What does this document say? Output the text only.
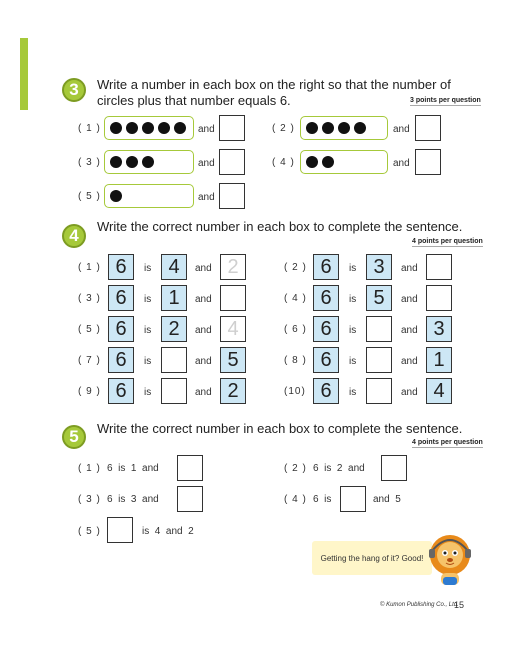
3	Write a number in each box on the right so that the number of
circles plus that number equals 6.	3 points per question
( 1 )	and	( 2 )	and
( 3 )	and	( 4 )	and
( 5 )	and
4	Write the correct number in each box to complete the sentence.
4 points per question
( 1 ) 6	is 4	and 2
( 3 ) 6	is 1	and
( 5 ) 6	is 2	and 4
( 7 ) 6	is	and 5
( 9 ) 6	is	and 2
( 2 ) 6	is 3	and
( 4 ) 6	is 5	and
( 6 ) 6	is	and 3
( 8 ) 6	is	and 1
(10) 6	is	and 4
5	Write the correct number in each box to complete the sentence.
4 points per question
( 1 ) 6  is  1  and	( 2 ) 6  is  2  and
( 3 ) 6  is  3  and	( 4 ) 6  is	and  5
( 5 )	is  4  and  2
Getting the hang of it? Good!
© Kumon Publishing Co., Ltd.
15
